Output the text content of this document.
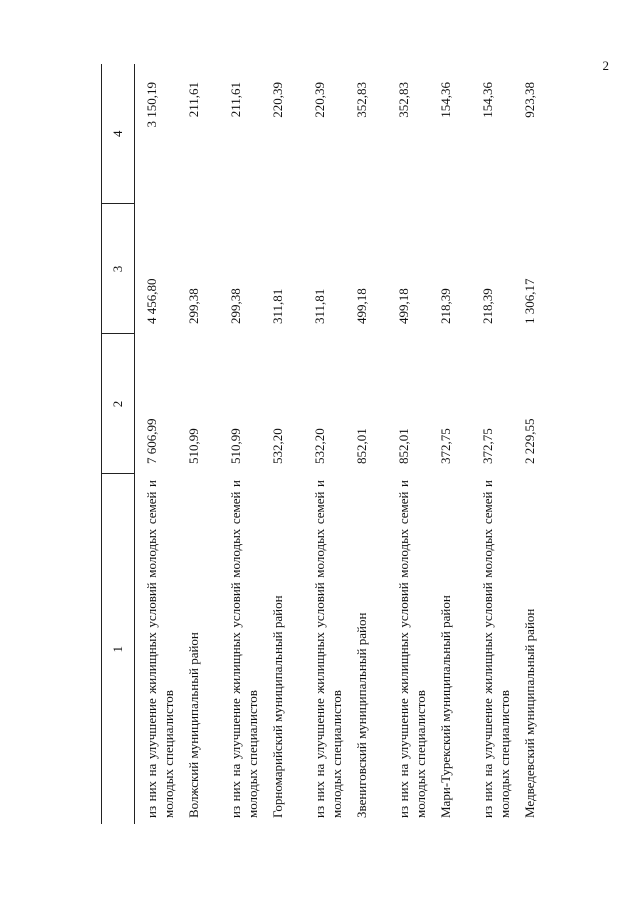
2
1	2	3	4
из них на улучшение жилищных условий молодых семей и молодых специалистов	7 606,99	4 456,80	3 150,19
Волжский муниципальный район	510,99	299,38	211,61
из них на улучшение жилищных условий молодых семей и молодых специалистов	510,99	299,38	211,61
Горномарийский муниципальный район	532,20	311,81	220,39
из них на улучшение жилищных условий молодых семей и молодых специалистов	532,20	311,81	220,39
Звениговский муниципальный район	852,01	499,18	352,83
из них на улучшение жилищных условий молодых семей и молодых специалистов	852,01	499,18	352,83
Мари-Турекский муниципальный район	372,75	218,39	154,36
из них на улучшение жилищных условий молодых семей и молодых специалистов	372,75	218,39	154,36
Медведевский муниципальный район	2 229,55	1 306,17	923,38
